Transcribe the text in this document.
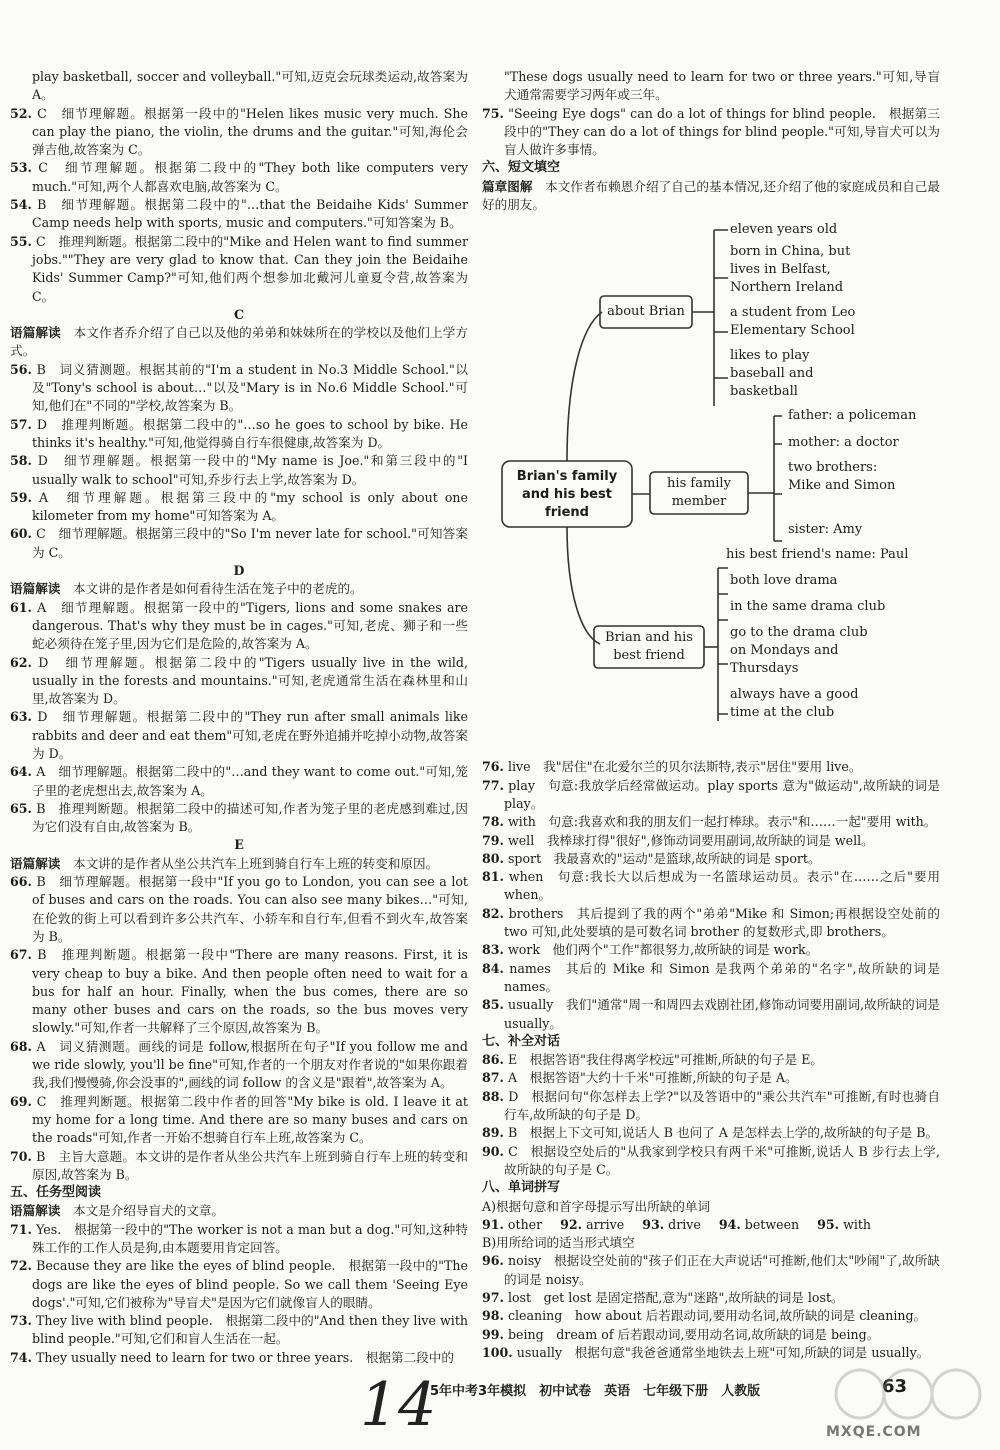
play basketball, soccer and volleyball."可知,迈克会玩球类运动,故答案为 A。

52. C　细节理解题。根据第一段中的"Helen likes music very much. She can play the piano, the violin, the drums and the guitar."可知,海伦会弹吉他,故答案为 C。

53. C　细节理解题。根据第二段中的"They both like computers very much."可知,两个人都喜欢电脑,故答案为 C。

54. B　细节理解题。根据第二段中的"…that the Beidaihe Kids' Summer Camp needs help with sports, music and computers."可知答案为 B。

55. C　推理判断题。根据第二段中的"Mike and Helen want to find summer jobs.""They are very glad to know that. Can they join the Beidaihe Kids' Summer Camp?"可知,他们两个想参加北戴河儿童夏令营,故答案为 C。

C

语篇解读　 本文作者乔介绍了自己以及他的弟弟和妹妹所在的学校以及他们上学方式。

56. B　词义猜测题。根据其前的"I'm a student in No.3 Middle School."以及"Tony's school is about…"以及"Mary is in No.6 Middle School."可知,他们在"不同的"学校,故答案为 B。

57. D　推理判断题。根据第二段中的"…so he goes to school by bike. He thinks it's healthy."可知,他觉得骑自行车很健康,故答案为 D。

58. D　细节理解题。根据第一段中的"My name is Joe."和第三段中的"I usually walk to school"可知,乔步行去上学,故答案为 D。

59. A　细节理解题。根据第三段中的"my school is only about one kilometer from my home"可知答案为 A。

60. C　细节理解题。根据第三段中的"So I'm never late for school."可知答案为 C。

D

语篇解读　 本文讲的是作者是如何看待生活在笼子中的老虎的。

61. A　细节理解题。根据第一段中的"Tigers, lions and some snakes are dangerous. That's why they must be in cages."可知,老虎、狮子和一些蛇必须待在笼子里,因为它们是危险的,故答案为 A。

62. D　细节理解题。根据第二段中的"Tigers usually live in the wild, usually in the forests and mountains."可知,老虎通常生活在森林里和山里,故答案为 D。

63. D　细节理解题。根据第二段中的"They run after small animals like rabbits and deer and eat them"可知,老虎在野外追捕并吃掉小动物,故答案为 D。

64. A　细节理解题。根据第二段中的"…and they want to come out."可知,笼子里的老虎想出去,故答案为 A。

65. B　推理判断题。根据第二段中的描述可知,作者为笼子里的老虎感到难过,因为它们没有自由,故答案为 B。

E

语篇解读　 本文讲的是作者从坐公共汽车上班到骑自行车上班的转变和原因。

66. B　细节理解题。根据第一段中"If you go to London, you can see a lot of buses and cars on the roads. You can also see many bikes…"可知,在伦敦的街上可以看到许多公共汽车、小轿车和自行车,但看不到火车,故答案为 B。

67. B　推理判断题。根据第一段中"There are many reasons. First, it is very cheap to buy a bike. And then people often need to wait for a bus for half an hour. Finally, when the bus comes, there are so many other buses and cars on the roads, so the bus moves very slowly."可知,作者一共解释了三个原因,故答案为 B。

68. A　词义猜测题。画线的词是 follow,根据所在句子"If you follow me and we ride slowly, you'll be fine"可知,作者的一个朋友对作者说的"如果你跟着我,我们慢慢骑,你会没事的",画线的词 follow 的含义是"跟着",故答案为 A。

69. C　推理判断题。根据第二段中作者的回答"My bike is old. I leave it at my home for a long time. And there are so many buses and cars on the roads"可知,作者一开始不想骑自行车上班,故答案为 C。

70. B　主旨大意题。本文讲的是作者从坐公共汽车上班到骑自行车上班的转变和原因,故答案为 B。

五、任务型阅读

语篇解读　 本文是介绍导盲犬的文章。

71. Yes.　根据第一段中的"The worker is not a man but a dog."可知,这种特殊工作的工作人员是狗,由本题要用肯定回答。

72. Because they are like the eyes of blind people.　根据第一段中的"The dogs are like the eyes of blind people. So we call them 'Seeing Eye dogs'."可知,它们被称为"导盲犬"是因为它们就像盲人的眼睛。

73. They live with blind people.　根据第二段中的"And then they live with blind people."可知,它们和盲人生活在一起。

74. They usually need to learn for two or three years.　根据第二段中的

"These dogs usually need to learn for two or three years."可知,导盲犬通常需要学习两年或三年。

75. "Seeing Eye dogs" can do a lot of things for blind people.　根据第三段中的"They can do a lot of things for blind people."可知,导盲犬可以为盲人做许多事情。

六、短文填空

篇章图解　 本文作者布赖恩介绍了自己的基本情况,还介绍了他的家庭成员和自己最好的朋友。

Brian's family and his best friend
about Brian
his family member
Brian and his best friend
eleven years old
born in China, but lives in Belfast, Northern Ireland
a student from Leo Elementary School
likes to play baseball and basketball
father: a policeman
mother: a doctor
two brothers: Mike and Simon
sister: Amy
his best friend's name: Paul
both love drama
in the same drama club
go to the drama club on Mondays and Thursdays
always have a good time at the club

76. live　我"居住"在北爱尔兰的贝尔法斯特,表示"居住"要用 live。

77. play　句意:我放学后经常做运动。play sports 意为"做运动",故所缺的词是 play。

78. with　句意:我喜欢和我的朋友们一起打棒球。表示"和……一起"要用 with。

79. well　我棒球打得"很好",修饰动词要用副词,故所缺的词是 well。

80. sport　我最喜欢的"运动"是篮球,故所缺的词是 sport。

81. when　句意:我长大以后想成为一名篮球运动员。表示"在……之后"要用 when。

82. brothers　其后提到了我的两个"弟弟"Mike 和 Simon;再根据设空处前的 two 可知,此处要填的是可数名词 brother 的复数形式,即 brothers。

83. work　他们两个"工作"都很努力,故所缺的词是 work。

84. names　其后的 Mike 和 Simon 是我两个弟弟的"名字",故所缺的词是 names。

85. usually　我们"通常"周一和周四去戏剧社团,修饰动词要用副词,故所缺的词是 usually。

七、补全对话

86. E　根据答语"我住得离学校远"可推断,所缺的句子是 E。

87. A　根据答语"大约十千米"可推断,所缺的句子是 A。

88. D　根据问句"你怎样去上学?"以及答语中的"乘公共汽车"可推断,有时也骑自行车,故所缺的句子是 D。

89. B　根据上下文可知,说话人 B 也问了 A 是怎样去上学的,故所缺的句子是 B。

90. C　根据设空处后的"从我家到学校只有两千米"可推断,说话人 B 步行去上学,故所缺的句子是 C。

八、单词拼写

A)根据句意和首字母提示写出所缺的单词

91. other 92. arrive 93. drive 94. between 95. with

B)用所给词的适当形式填空

96. noisy　根据设空处前的"孩子们正在大声说话"可推断,他们太"吵闹"了,故所缺的词是 noisy。

97. lost　get lost 是固定搭配,意为"迷路",故所缺的词是 lost。

98. cleaning　how about 后若跟动词,要用动名词,故所缺的词是 cleaning。

99. being　dream of 后若跟动词,要用动名词,故所缺的词是 being。

100. usually　根据句意"我爸爸通常坐地铁去上班"可知,所缺的词是 usually。

14
5年中考3年模拟　初中试卷　英语　七年级下册　人教版	63
MXQE.COM
